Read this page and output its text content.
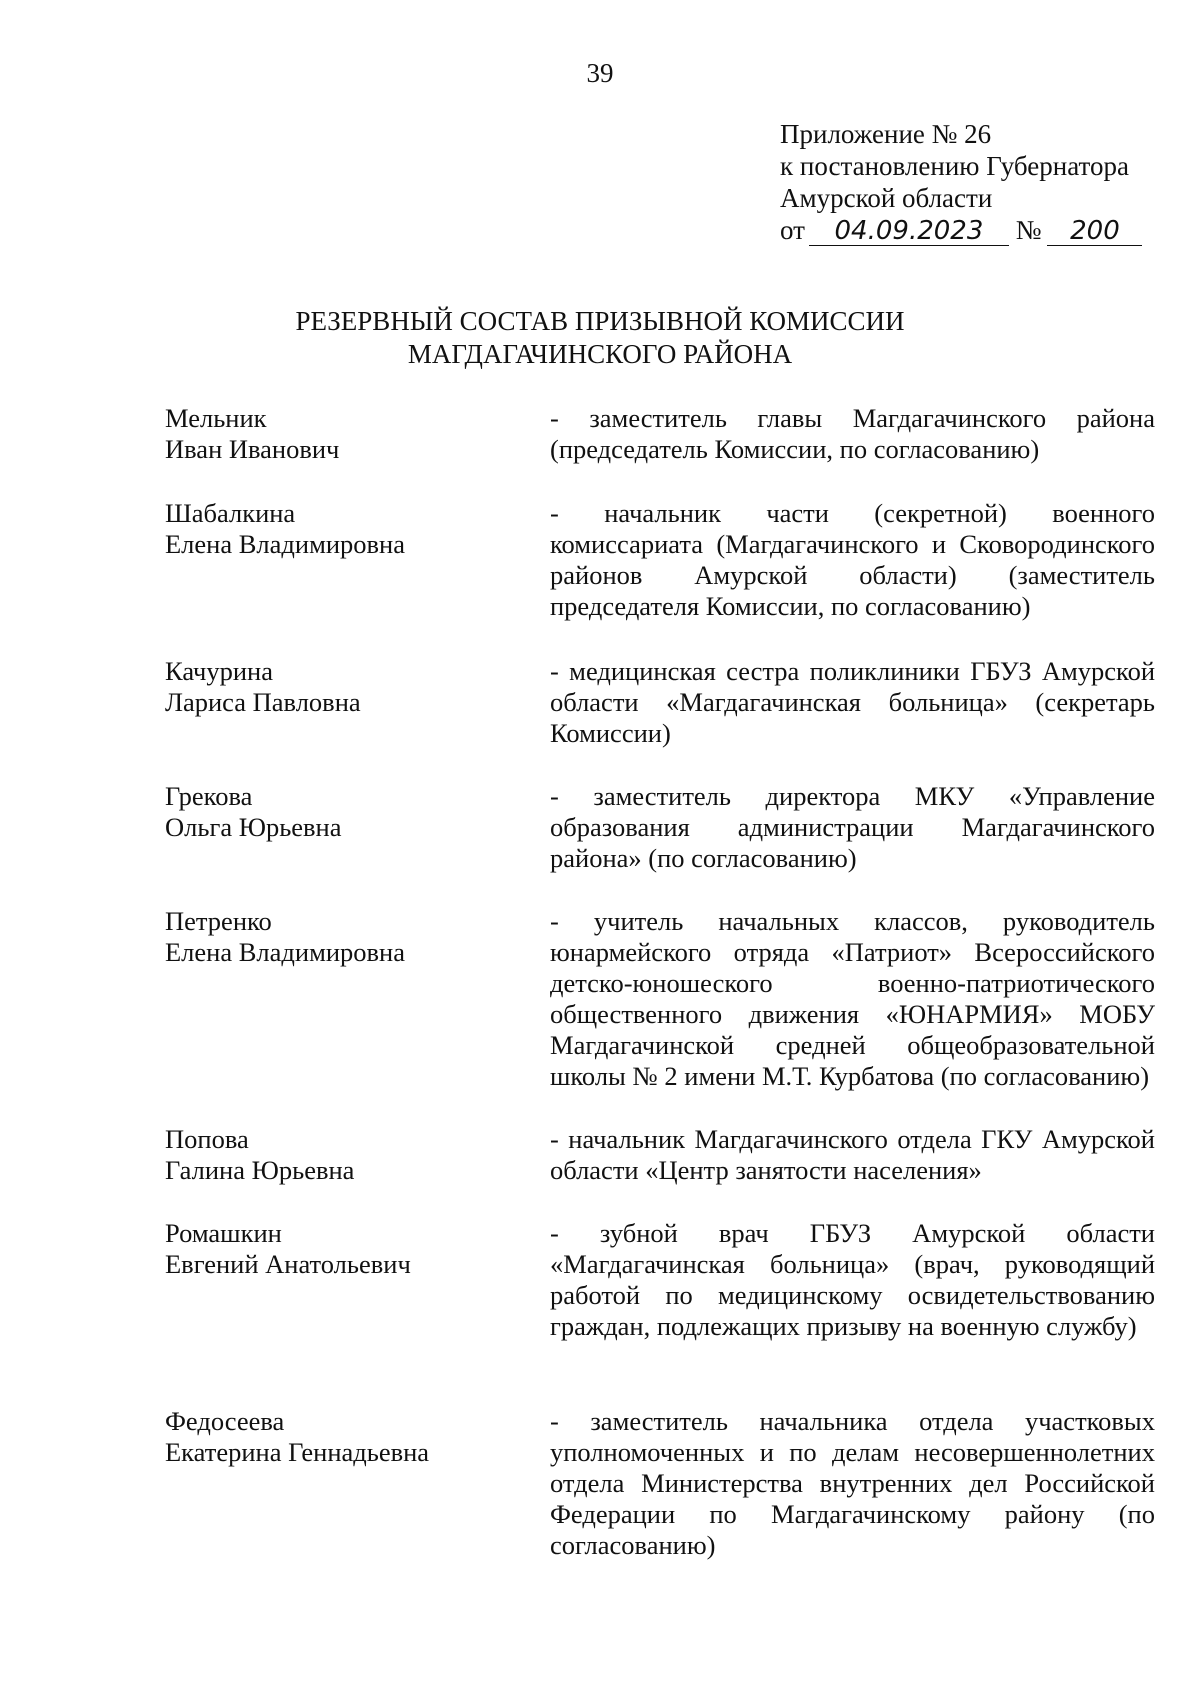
39
Приложение № 26
к постановлению Губернатора
Амурской области
от 04.09.2023 № 200
РЕЗЕРВНЫЙ СОСТАВ ПРИЗЫВНОЙ КОМИССИИ
МАГДАГАЧИНСКОГО РАЙОНА
Мельник
Иван Иванович
- заместитель главы Магдагачинского района (председатель Комиссии, по согласованию)
Шабалкина
Елена Владимировна
- начальник части (секретной) военного комиссариата (Магдагачинского и Сковородинского районов Амурской области) (заместитель председателя Комиссии, по согласованию)
Качурина
Лариса Павловна
- медицинская сестра поликлиники ГБУЗ Амурской области «Магдагачинская больница» (секретарь Комиссии)
Грекова
Ольга Юрьевна
- заместитель директора МКУ «Управление образования администрации Магдагачинского района» (по согласованию)
Петренко
Елена Владимировна
- учитель начальных классов, руководитель юнармейского отряда «Патриот» Всероссийского детско-юношеского военно-патриотического общественного движения «ЮНАРМИЯ» МОБУ Магдагачинской средней общеобразовательной школы № 2 имени М.Т. Курбатова (по согласованию)
Попова
Галина Юрьевна
- начальник Магдагачинского отдела ГКУ Амурской области «Центр занятости населения»
Ромашкин
Евгений Анатольевич
- зубной врач ГБУЗ Амурской области «Магдагачинская больница» (врач, руководящий работой по медицинскому освидетельствованию граждан, подлежащих призыву на военную службу)
Федосеева
Екатерина Геннадьевна
- заместитель начальника отдела участковых уполномоченных и по делам несовершеннолетних отдела Министерства внутренних дел Российской Федерации по Магдагачинскому району (по согласованию)
